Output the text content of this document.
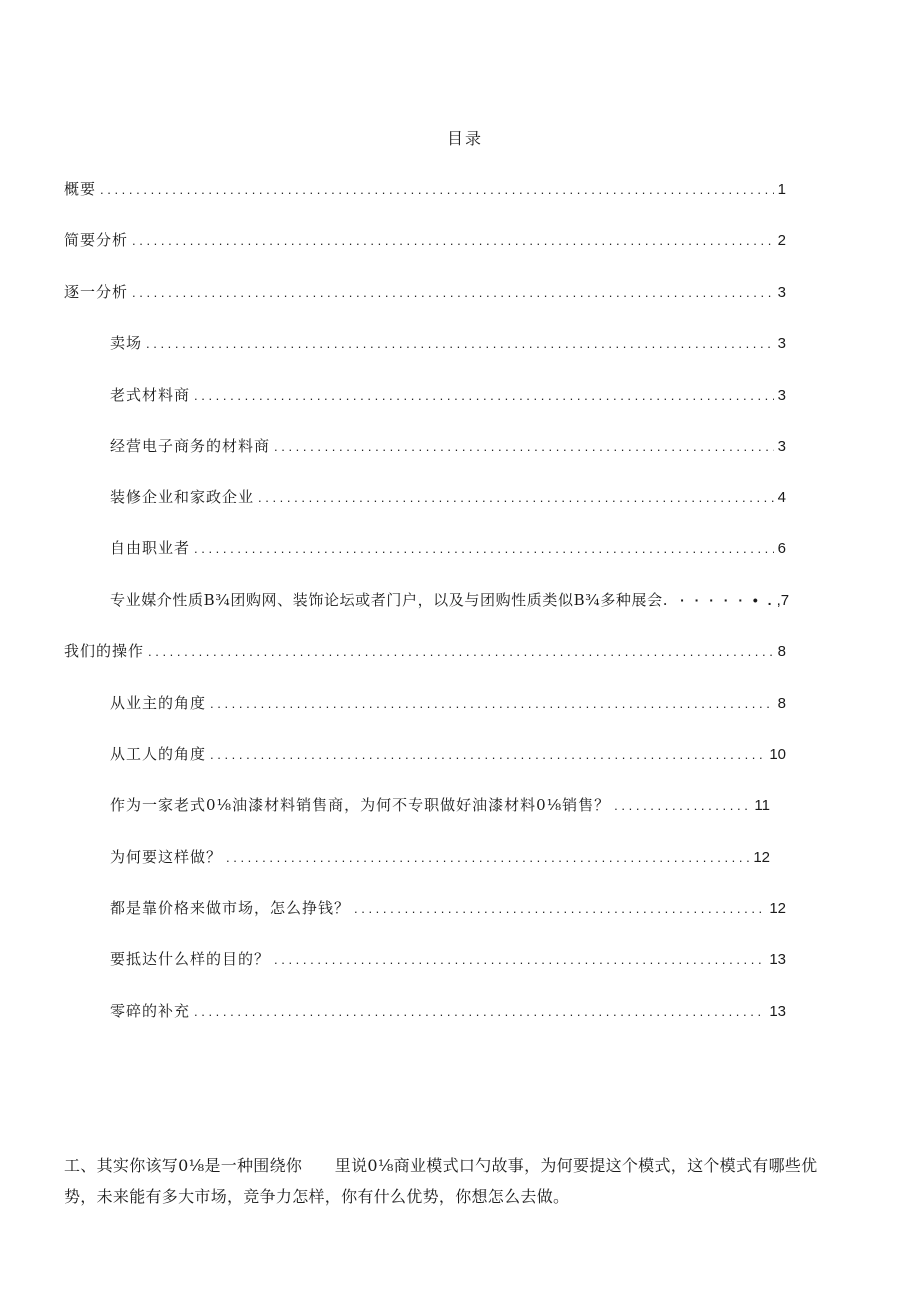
目录
概要 . . .	1
简要分析 . . .	2
逐一分析 . . .	3
卖场 . . .	3
老式材料商 . . .	3
经营电子商务的材料商 . . .	3
装修企业和家政企业 . . .	4
自由职业者 . . .	6
专业媒介性质B¾团购网、装饰论坛或者门户，以及与团购性质类似B¾多种展会. · · · · · • . ,7
我们的操作 . . .	8
从业主的角度 . . .	8
从工人的角度 . . .	10
作为一家老式0⅛油漆材料销售商，为何不专职做好油漆材料0⅛销售？ . . .	11
为何要这样做？ . . .	12
都是靠价格来做市场，怎么挣钱？ . . .	12
要抵达什么样的目的？ . . .	13
零碎的补充 . . .	13
工、其实你该写0⅛是一种围绕你　　里说0⅛商业模式口勺故事，为何要提这个模式，这个模式有哪些优
势，未来能有多大市场，竞争力怎样，你有什么优势，你想怎么去做。
